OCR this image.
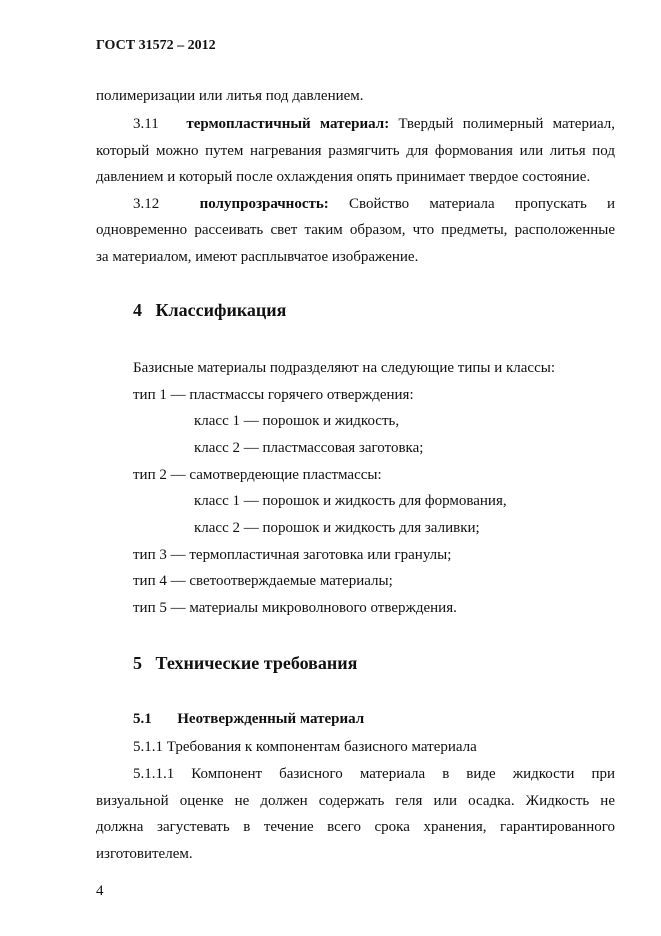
ГОСТ 31572 – 2012
полимеризации или литья под давлением.
3.11 термопластичный материал: Твердый полимерный материал,
который можно путем нагревания размягчить для формования или литья под
давлением и который после охлаждения опять принимает твердое состояние.
3.12	полупрозрачность: Свойство материала пропускать и
одновременно рассеивать свет таким образом, что предметы, расположенные
за материалом, имеют расплывчатое изображение.
4 Классификация
Базисные материалы подразделяют на следующие типы и классы:
тип 1 — пластмассы горячего отверждения:
класс 1 — порошок и жидкость,
класс 2 — пластмассовая заготовка;
тип 2 — самотвердеющие пластмассы:
класс 1 — порошок и жидкость для формования,
класс 2 — порошок и жидкость для заливки;
тип 3 — термопластичная заготовка или гранулы;
тип 4 — светоотверждаемые материалы;
тип 5 — материалы микроволнового отверждения.
5 Технические требования
5.1 Неотвержденный материал
5.1.1 Требования к компонентам базисного материала
5.1.1.1 Компонент базисного материала в виде жидкости при
визуальной оценке не должен содержать геля или осадка. Жидкость не
должна загустевать в течение всего срока хранения, гарантированного
изготовителем.
4
